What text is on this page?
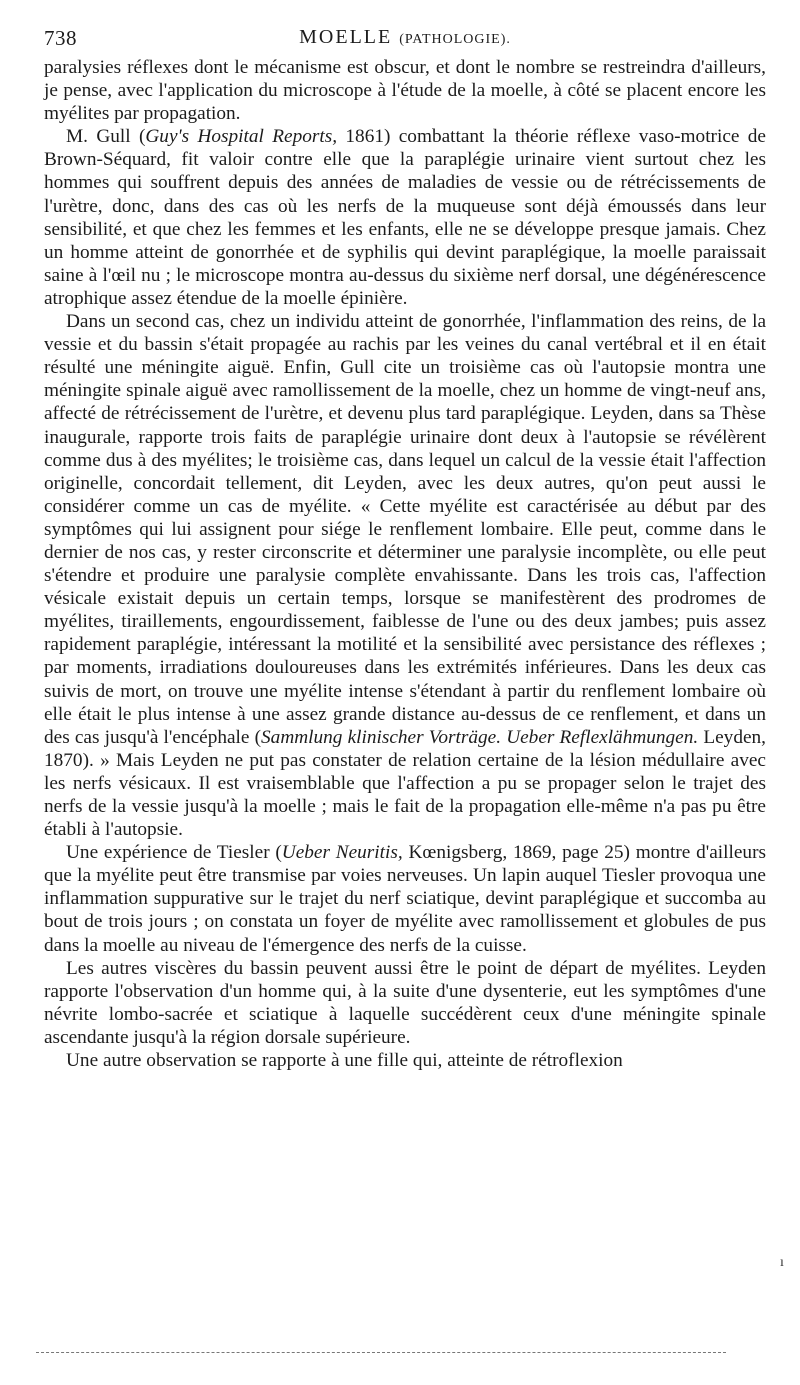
738	MOELLE (PATHOLOGIE).

paralysies réflexes dont le mécanisme est obscur, et dont le nombre se restreindra d'ailleurs, je pense, avec l'application du microscope à l'étude de la moelle, à côté se placent encore les myélites par propagation.

M. Gull (Guy's Hospital Reports, 1861) combattant la théorie réflexe vaso-motrice de Brown-Séquard, fit valoir contre elle que la paraplégie urinaire vient surtout chez les hommes qui souffrent depuis des années de maladies de vessie ou de rétrécissements de l'urètre, donc, dans des cas où les nerfs de la muqueuse sont déjà émoussés dans leur sensibilité, et que chez les femmes et les enfants, elle ne se développe presque jamais. Chez un homme atteint de gonorrhée et de syphilis qui devint paraplégique, la moelle paraissait saine à l'œil nu ; le microscope montra au-dessus du sixième nerf dorsal, une dégénérescence atrophique assez étendue de la moelle épinière.

Dans un second cas, chez un individu atteint de gonorrhée, l'inflammation des reins, de la vessie et du bassin s'était propagée au rachis par les veines du canal vertébral et il en était résulté une méningite aiguë. Enfin, Gull cite un troisième cas où l'autopsie montra une méningite spinale aiguë avec ramollissement de la moelle, chez un homme de vingt-neuf ans, affecté de rétrécissement de l'urètre, et devenu plus tard paraplégique. Leyden, dans sa Thèse inaugurale, rapporte trois faits de paraplégie urinaire dont deux à l'autopsie se révélèrent comme dus à des myélites; le troisième cas, dans lequel un calcul de la vessie était l'affection originelle, concordait tellement, dit Leyden, avec les deux autres, qu'on peut aussi le considérer comme un cas de myélite. « Cette myélite est caractérisée au début par des symptômes qui lui assignent pour siége le renflement lombaire. Elle peut, comme dans le dernier de nos cas, y rester circonscrite et déterminer une paralysie incomplète, ou elle peut s'étendre et produire une paralysie complète envahissante. Dans les trois cas, l'affection vésicale existait depuis un certain temps, lorsque se manifestèrent des prodromes de myélites, tiraillements, engourdissement, faiblesse de l'une ou des deux jambes; puis assez rapidement paraplégie, intéressant la motilité et la sensibilité avec persistance des réflexes ; par moments, irradiations douloureuses dans les extrémités inférieures. Dans les deux cas suivis de mort, on trouve une myélite intense s'étendant à partir du renflement lombaire où elle était le plus intense à une assez grande distance au-dessus de ce renflement, et dans un des cas jusqu'à l'encéphale (Sammlung klinischer Vorträge. Ueber Reflexlähmungen. Leyden, 1870). » Mais Leyden ne put pas constater de relation certaine de la lésion médullaire avec les nerfs vésicaux. Il est vraisemblable que l'affection a pu se propager selon le trajet des nerfs de la vessie jusqu'à la moelle ; mais le fait de la propagation elle-même n'a pas pu être établi à l'autopsie.

Une expérience de Tiesler (Ueber Neuritis, Kœnigsberg, 1869, page 25) montre d'ailleurs que la myélite peut être transmise par voies nerveuses. Un lapin auquel Tiesler provoqua une inflammation suppurative sur le trajet du nerf sciatique, devint paraplégique et succomba au bout de trois jours ; on constata un foyer de myélite avec ramollissement et globules de pus dans la moelle au niveau de l'émergence des nerfs de la cuisse.

Les autres viscères du bassin peuvent aussi être le point de départ de myélites. Leyden rapporte l'observation d'un homme qui, à la suite d'une dysenterie, eut les symptômes d'une névrite lombo-sacrée et sciatique à laquelle succédèrent ceux d'une méningite spinale ascendante jusqu'à la région dorsale supérieure.

Une autre observation se rapporte à une fille qui, atteinte de rétroflexion

ı
